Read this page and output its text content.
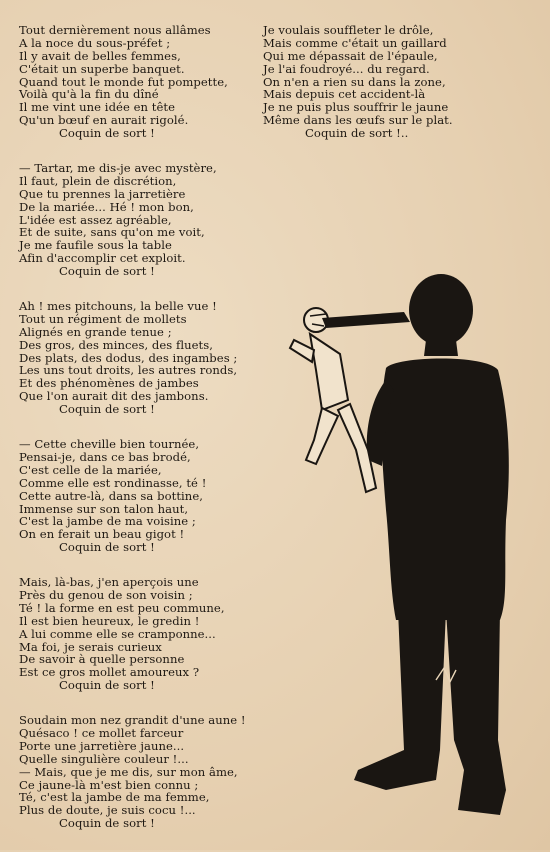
Tout dernièrement nous allâmes
A la noce du sous-préfet ;
Il y avait de belles femmes,
C'était un superbe banquet.
Quand tout le monde fut pompette,
Voilà qu'à la fin du dîné
Il me vint une idée en tête
Qu'un bœuf en aurait rigolé.
Coquin de sort !
— Tartar, me dis-je avec mystère,
Il faut, plein de discrétion,
Que tu prennes la jarretière
De la mariée... Hé ! mon bon,
L'idée est assez agréable,
Et de suite, sans qu'on me voit,
Je me faufile sous la table
Afin d'accomplir cet exploit.
Coquin de sort !
Ah ! mes pitchouns, la belle vue !
Tout un régiment de mollets
Alignés en grande tenue ;
Des gros, des minces, des fluets,
Des plats, des dodus, des ingambes ;
Les uns tout droits, les autres ronds,
Et des phénomènes de jambes
Que l'on aurait dit des jambons.
Coquin de sort !
— Cette cheville bien tournée,
Pensai-je, dans ce bas brodé,
C'est celle de la mariée,
Comme elle est rondinasse, té !
Cette autre-là, dans sa bottine,
Immense sur son talon haut,
C'est la jambe de ma voisine ;
On en ferait un beau gigot !
Coquin de sort !
Mais, là-bas, j'en aperçois une
Près du genou de son voisin ;
Té ! la forme en est peu commune,
Il est bien heureux, le gredin !
A lui comme elle se cramponne...
Ma foi, je serais curieux
De savoir à quelle personne
Est ce gros mollet amoureux ?
Coquin de sort !
Soudain mon nez grandit d'une aune !
Quésaco ! ce mollet farceur
Porte une jarretière jaune...
Quelle singulière couleur !...
— Mais, que je me dis, sur mon âme,
Ce jaune-là m'est bien connu ;
Té, c'est la jambe de ma femme,
Plus de doute, je suis cocu !...
Coquin de sort !
Je voulais souffleter le drôle,
Mais comme c'était un gaillard
Qui me dépassait de l'épaule,
Je l'ai foudroyé... du regard.
On n'en a rien su dans la zone,
Mais depuis cet accident-là
Je ne puis plus souffrir le jaune
Même dans les œufs sur le plat.
Coquin de sort !..
